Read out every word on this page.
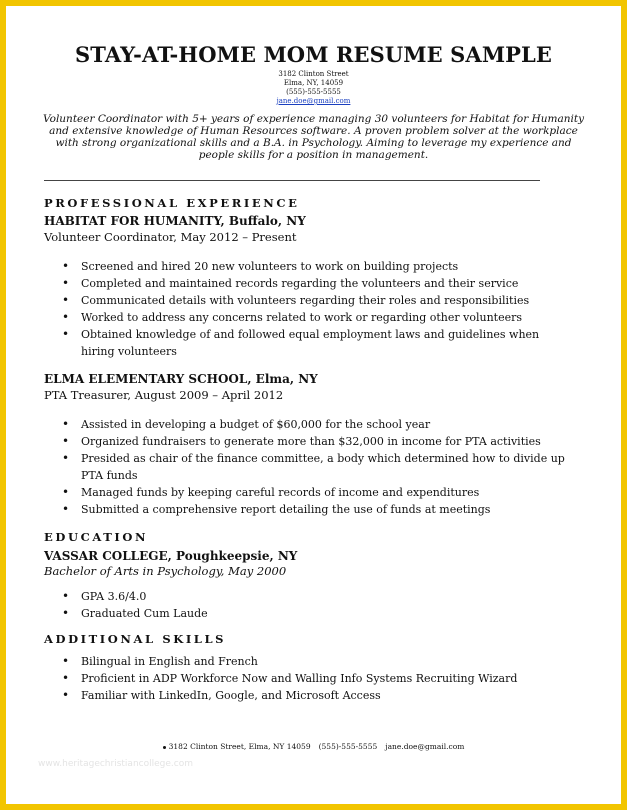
STAY-AT-HOME MOM RESUME SAMPLE
3182 Clinton Street
Elma, NY, 14059
(555)-555-5555
jane.doe@gmail.com
Volunteer Coordinator with 5+ years of experience managing 30 volunteers for Habitat for Humanity and extensive knowledge of Human Resources software. A proven problem solver at the workplace with strong organizational skills and a B.A. in Psychology. Aiming to leverage my experience and people skills for a position in management.
PROFESSIONAL EXPERIENCE
HABITAT FOR HUMANITY, Buffalo, NY
Volunteer Coordinator, May 2012 – Present
• Screened and hired 20 new volunteers to work on building projects
• Completed and maintained records regarding the volunteers and their service
• Communicated details with volunteers regarding their roles and responsibilities
• Worked to address any concerns related to work or regarding other volunteers
• Obtained knowledge of and followed equal employment laws and guidelines when hiring volunteers
ELMA ELEMENTARY SCHOOL, Elma, NY
PTA Treasurer, August 2009 – April 2012
• Assisted in developing a budget of $60,000 for the school year
• Organized fundraisers to generate more than $32,000 in income for PTA activities
• Presided as chair of the finance committee, a body which determined how to divide up PTA funds
• Managed funds by keeping careful records of income and expenditures
• Submitted a comprehensive report detailing the use of funds at meetings
EDUCATION
VASSAR COLLEGE, Poughkeepsie, NY
Bachelor of Arts in Psychology, May 2000
• GPA 3.6/4.0
• Graduated Cum Laude
ADDITIONAL SKILLS
• Bilingual in English and French
• Proficient in ADP Workforce Now and Walling Info Systems Recruiting Wizard
• Familiar with LinkedIn, Google, and Microsoft Access
3182 Clinton Street, Elma, NY 14059 (555)-555-5555 jane.doe@gmail.com
www.heritagechristiancollege.com
